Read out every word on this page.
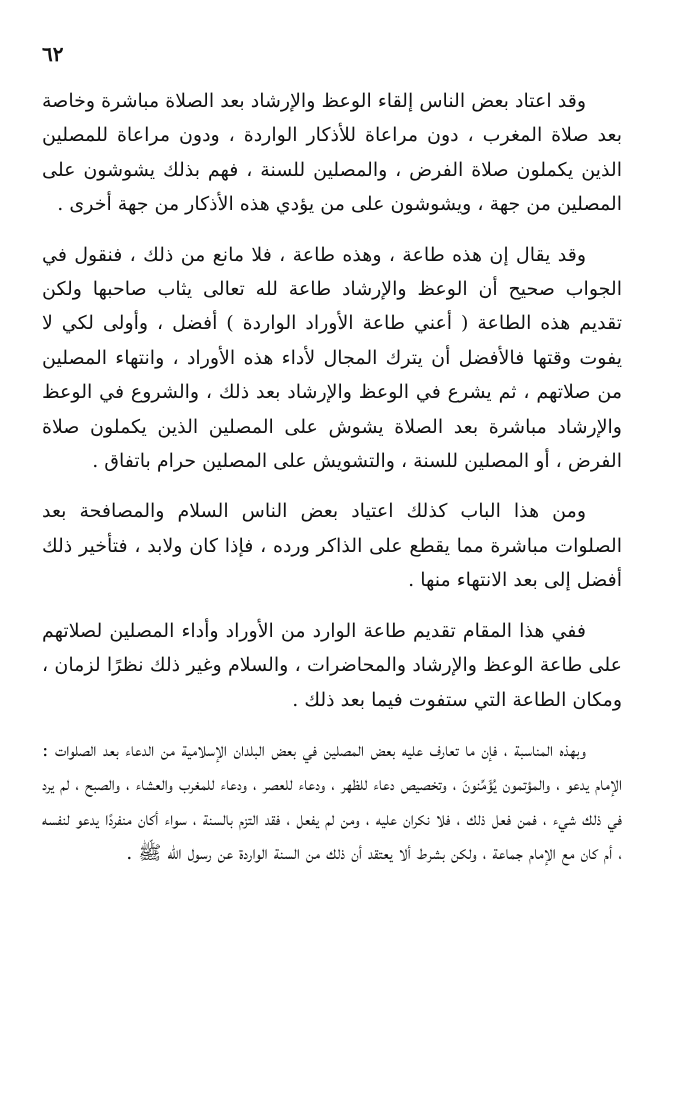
٦٢

وقد اعتاد بعض الناس إلقاء الوعظ والإرشاد بعد الصلاة مباشرة وخاصة بعد صلاة المغرب ، دون مراعاة للأذكار الواردة ، ودون مراعاة للمصلين الذين يكملون صلاة الفرض ، والمصلين للسنة ، فهم بذلك يشوشون على المصلين من جهة ، ويشوشون على من يؤدي هذه الأذكار من جهة أخرى .

وقد يقال إن هذه طاعة ، وهذه طاعة ، فلا مانع من ذلك ، فنقول في الجواب صحيح أن الوعظ والإرشاد طاعة لله تعالى يثاب صاحبها ولكن تقديم هذه الطاعة ( أعني طاعة الأوراد الواردة ) أفضل ، وأولى لكي لا يفوت وقتها فالأفضل أن يترك المجال لأداء هذه الأوراد ، وانتهاء المصلين من صلاتهم ، ثم يشرع في الوعظ والإرشاد بعد ذلك ، والشروع في الوعظ والإرشاد مباشرة بعد الصلاة يشوش على المصلين الذين يكملون صلاة الفرض ، أو المصلين للسنة ، والتشويش على المصلين حرام باتفاق .

ومن هذا الباب كذلك اعتياد بعض الناس السلام والمصافحة بعد الصلوات مباشرة مما يقطع على الذاكر ورده ، فإذا كان ولابد ، فتأخير ذلك أفضل إلى بعد الانتهاء منها .

ففي هذا المقام تقديم طاعة الوارد من الأوراد وأداء المصلين لصلاتهم على طاعة الوعظ والإرشاد والمحاضرات ، والسلام وغير ذلك نظرًا لزمان ، ومكان الطاعة التي ستفوت فيما بعد ذلك .

وبهذه المناسبة ، فإن ما تعارف عليه بعض المصلين في بعض البلدان الإسلامية من الدعاء بعد الصلوات : الإمام يدعو ، والمؤتمون يُؤَمِّنونَ ، وتخصيص دعاء للظهر ، ودعاء للعصر ، ودعاء للمغرب والعشاء ، والصبح ، لم يرد في ذلك شيء ، فمن فعل ذلك ، فلا نكران عليه ، ومن لم يفعل ، فقد التزم بالسنة ، سواء أكان منفردًا يدعو لنفسه ، أم كان مع الإمام جماعة ، ولكن بشرط ألا يعتقد أن ذلك من السنة الواردة عن رسول الله ﷺ .
